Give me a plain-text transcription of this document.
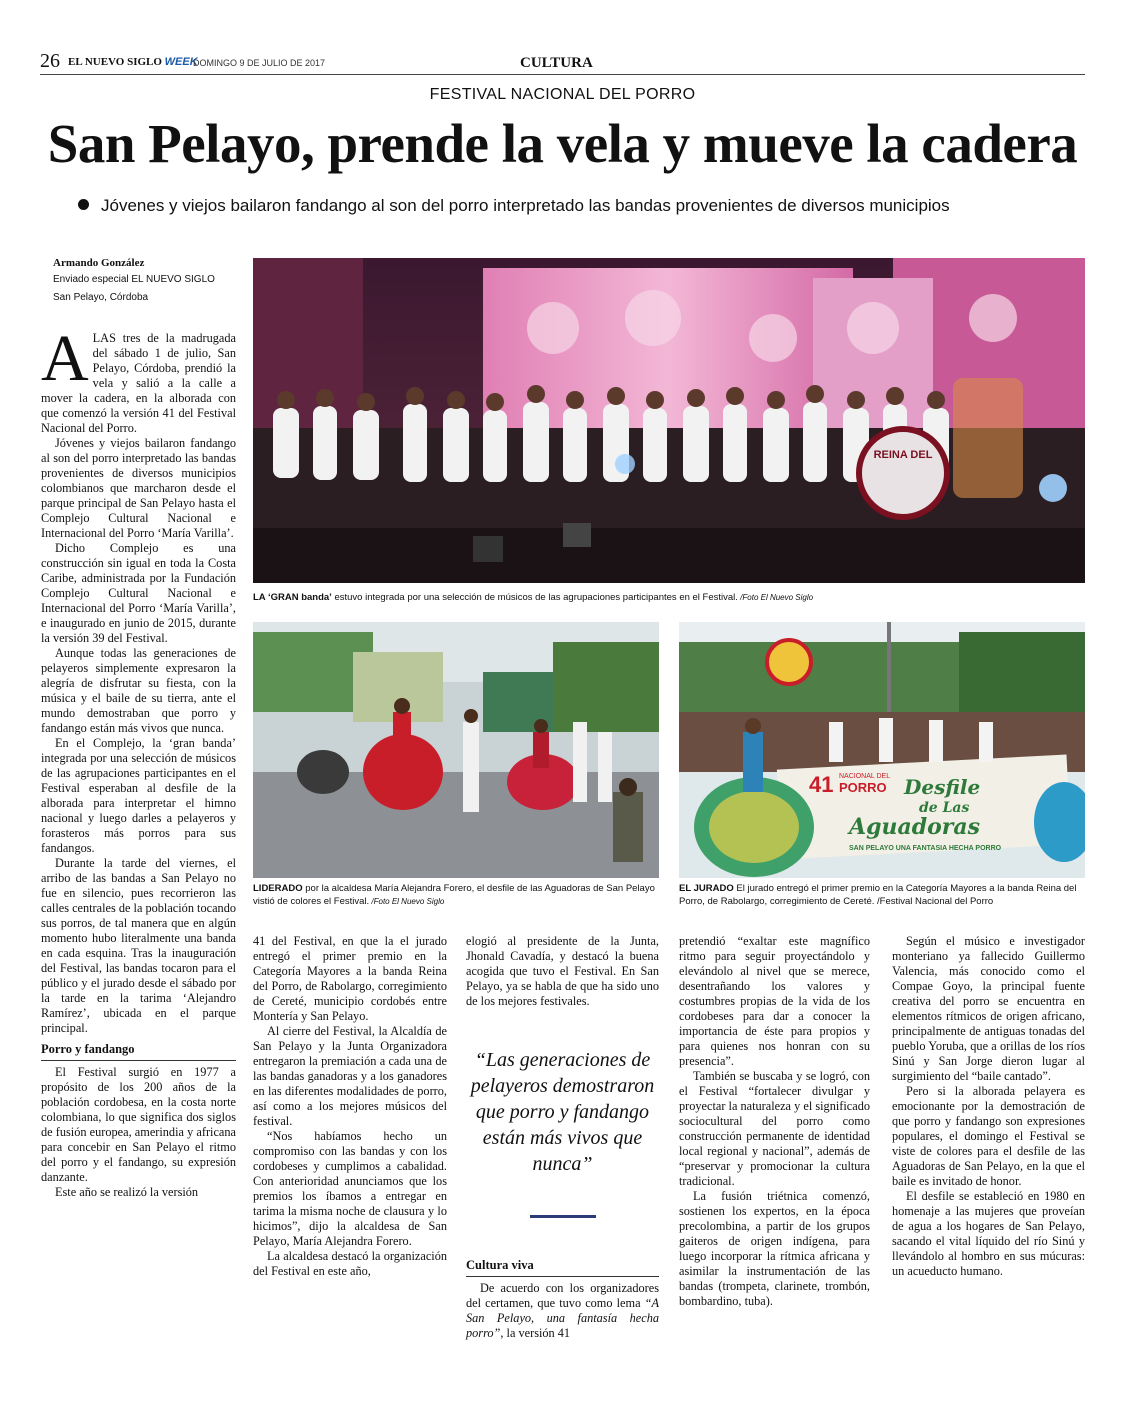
26 EL NUEVO SIGLO WEEK
DOMINGO 9 DE JULIO DE 2017	CULTURA
FESTIVAL NACIONAL DEL PORRO
San Pelayo, prende la vela y mueve la cadera
Jóvenes y viejos bailaron fandango al son del porro interpretado las bandas provenientes de diversos municipios
Armando González
Enviado especial EL NUEVO SIGLO
San Pelayo, Córdoba

ALAS tres de la madrugada del sábado 1 de julio, San Pelayo, Córdoba, prendió la vela y salió a la calle a mover la cadera, en la alborada con que comenzó la versión 41 del Festival Nacional del Porro.

Jóvenes y viejos bailaron fandango al son del porro interpretado las bandas provenientes de diversos municipios colombianos que marcharon desde el parque principal de San Pelayo hasta el Complejo Cultural Nacional e Internacional del Porro ‘María Varilla’.

Dicho Complejo es una construcción sin igual en toda la Costa Caribe, administrada por la Fundación Complejo Cultural Nacional e Internacional del Porro ‘María Varilla’, e inaugurado en junio de 2015, durante la versión 39 del Festival.

Aunque todas las generaciones de pelayeros simplemente expresaron la alegría de disfrutar su fiesta, con la música y el baile de su tierra, ante el mundo demostraban que porro y fandango están más vivos que nunca.

En el Complejo, la ‘gran banda’ integrada por una selección de músicos de las agrupaciones participantes en el Festival esperaban al desfile de la alborada para interpretar el himno nacional y luego darles a pelayeros y forasteros más porros para sus fandangos.

Durante la tarde del viernes, el arribo de las bandas a San Pelayo no fue en silencio, pues recorrieron las calles centrales de la población tocando sus porros, de tal manera que en algún momento hubo literalmente una banda en cada esquina. Tras la inauguración del Festival, las bandas tocaron para el público y el jurado desde el sábado por la tarde en la tarima ‘Alejandro Ramírez’, ubicada en el parque principal.

Porro y fandango

El Festival surgió en 1977 a propósito de los 200 años de la población cordobesa, en la costa norte colombiana, lo que significa dos siglos de fusión europea, amerindia y africana para concebir en San Pelayo el ritmo del porro y el fandango, su expresión danzante.

Este año se realizó la versión

REINA DEL
LA ‘GRAN banda’ estuvo integrada por una selección de músicos de las agrupaciones participantes en el Festival. /Foto El Nuevo Siglo
LIDERADO por la alcaldesa María Alejandra Forero, el desfile de las Aguadoras de San Pelayo vistió de colores el Festival. /Foto El Nuevo Siglo
41 NACIONAL DEL
PORRO Desfile
de Las
Aguadoras
SAN PELAYO UNA FANTASIA HECHA PORRO
EL JURADO El jurado entregó el primer premio en la Categoría Mayores a la banda Reina del Porro, de Rabolargo, corregimiento de Cereté. /Festival Nacional del Porro

41 del Festival, en que la el jurado entregó el primer premio en la Categoría Mayores a la banda Reina del Porro, de Rabolargo, corregimiento de Cereté, municipio cordobés entre Montería y San Pelayo.

Al cierre del Festival, la Alcaldía de San Pelayo y la Junta Organizadora entregaron la premiación a cada una de las bandas ganadoras y a los ganadores en las diferentes modalidades de porro, así como a los mejores músicos del festival.

“Nos habíamos hecho un compromiso con las bandas y con los cordobeses y cumplimos a cabalidad. Con anterioridad anunciamos que los premios los íbamos a entregar en tarima la misma noche de clausura y lo hicimos”, dijo la alcaldesa de San Pelayo, María Alejandra Forero.

La alcaldesa destacó la organización del Festival en este año,

elogió al presidente de la Junta, Jhonald Cavadía, y destacó la buena acogida que tuvo el Festival. En San Pelayo, ya se habla de que ha sido uno de los mejores festivales.

“Las generaciones de pelayeros demostraron que porro y fandango están más vivos que nunca”
Cultura viva

De acuerdo con los organizadores del certamen, que tuvo como lema “A San Pelayo, una fantasía hecha porro”, la versión 41

pretendió “exaltar este magnífico ritmo para seguir proyectándolo y elevándolo al nivel que se merece, desentrañando los valores y costumbres propias de la vida de los cordobeses para dar a conocer la importancia de éste para propios y para quienes nos honran con su presencia”.

También se buscaba y se logró, con el Festival “fortalecer divulgar y proyectar la naturaleza y el significado sociocultural del porro como construcción permanente de identidad local regional y nacional”, además de “preservar y promocionar la cultura tradicional.

La fusión triétnica comenzó, sostienen los expertos, en la época precolombina, a partir de los grupos gaiteros de origen indígena, para luego incorporar la rítmica africana y asimilar la instrumentación de las bandas (trompeta, clarinete, trombón, bombardino, tuba).

Según el músico e investigador monteriano ya fallecido Guillermo Valencia, más conocido como el Compae Goyo, la principal fuente creativa del porro se encuentra en elementos rítmicos de origen africano, principalmente de antiguas tonadas del pueblo Yoruba, que a orillas de los ríos Sinú y San Jorge dieron lugar al surgimiento del “baile cantado”.

Pero si la alborada pelayera es emocionante por la demostración de que porro y fandango son expresiones populares, el domingo el Festival se viste de colores para el desfile de las Aguadoras de San Pelayo, en la que el baile es invitado de honor.

El desfile se estableció en 1980 en homenaje a las mujeres que proveían de agua a los hogares de San Pelayo, sacando el vital líquido del río Sinú y llevándolo al hombro en sus múcuras: un acueducto humano.
